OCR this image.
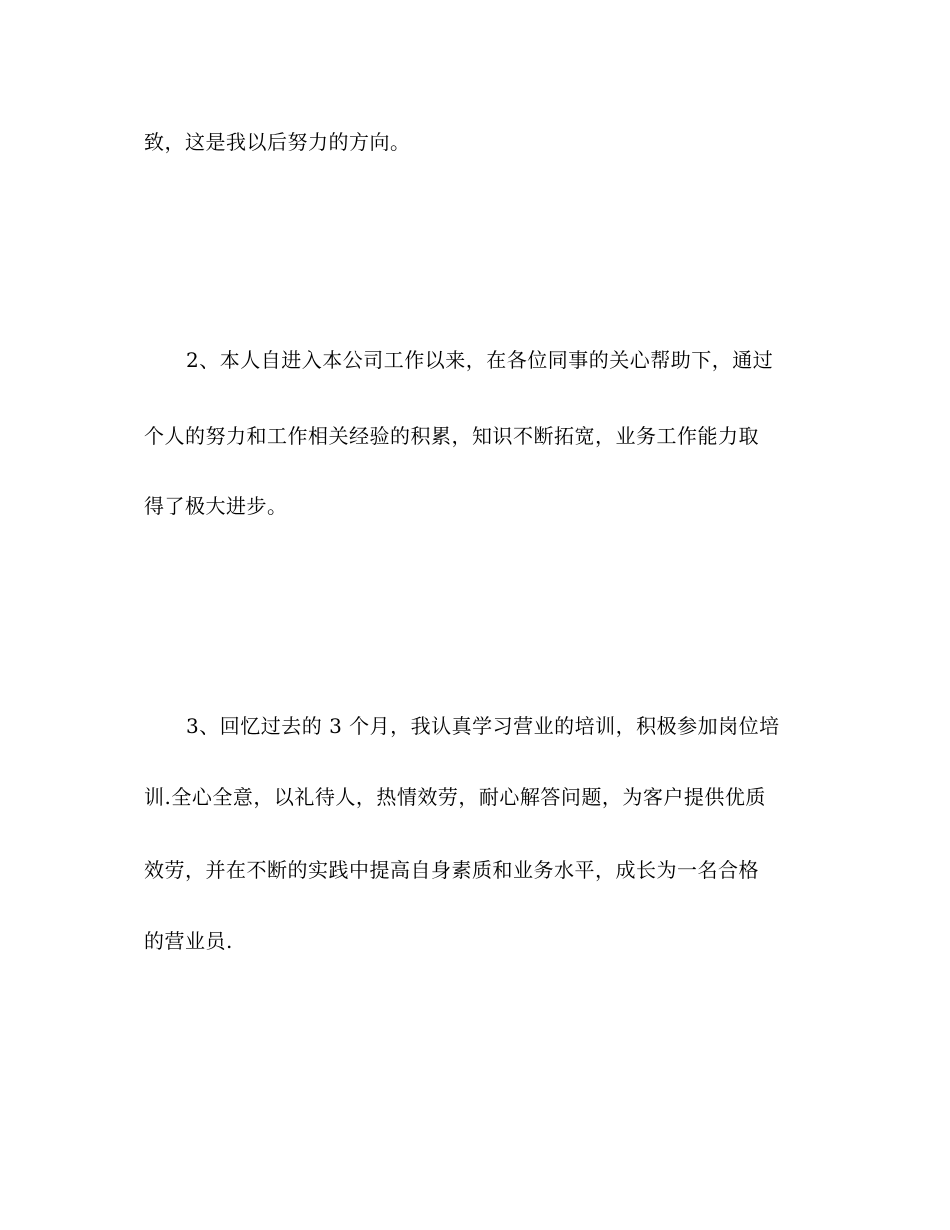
致，这是我以后努力的方向。
2、本人自进入本公司工作以来，在各位同事的关心帮助下，通过
个人的努力和工作相关经验的积累，知识不断拓宽，业务工作能力取
得了极大进步。
3、回忆过去的 3 个月，我认真学习营业的培训，积极参加岗位培
训.全心全意，以礼待人，热情效劳，耐心解答问题，为客户提供优质
效劳，并在不断的实践中提高自身素质和业务水平，成长为一名合格
的营业员.
